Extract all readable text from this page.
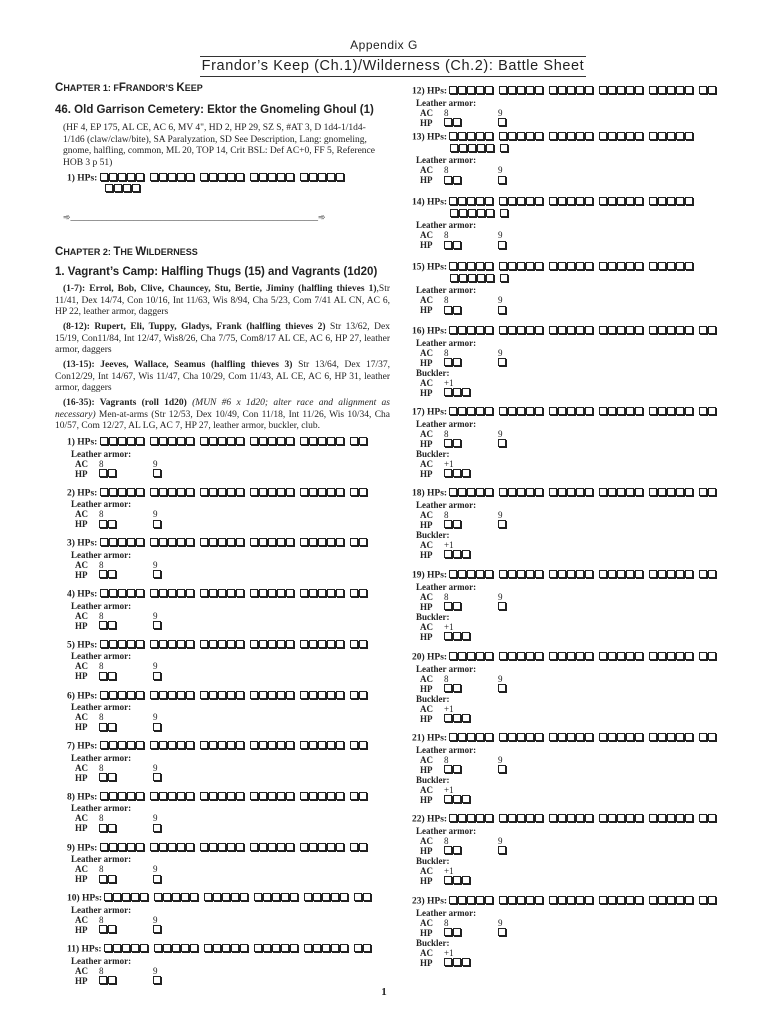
Appendix G
Frandor’s Keep (Ch.1)/Wilderness (Ch.2): Battle Sheet
CHAPTER 1: FFRANDOR’S KEEP
46. Old Garrison Cemetery: Ektor the Gnomeling Ghoul (1)
(HF 4, EP 175, AL CE, AC 6, MV 4", HD 2, HP 29, SZ S, #AT 3, D 1d4-1/1d4-
1/1d6 (claw/claw/bite), SA Paralyzation, SD See Description, Lang: gnomeling,
gnome, halfling, common, ML 20, TOP 14, Crit BSL: Def AC+0, FF 5, Reference
HOB 3 p 51)
1) HPs:

➾_______________________________________________________➾
CHAPTER 2: THE WILDERNESS
1. Vagrant’s Camp: Halfling Thugs (15) and Vagrants (1d20)
(1-7): Errol, Bob, Clive, Chauncey, Stu, Bertie, Jiminy (halfling thieves 1),Str 11/41, Dex 14/74, Con 10/16, Int 11/63, Wis 8/94, Cha 5/23, Com 7/41 AL CN, AC 6, HP 22, leather armor, daggers
(8-12): Rupert, Eli, Tuppy, Gladys, Frank (halfling thieves 2) Str 13/62, Dex 15/19, Con11/84, Int 12/47, Wis8/26, Cha 7/75, Com8/17 AL CE, AC 6, HP 27, leather armor, daggers
(13-15): Jeeves, Wallace, Seamus (halfling thieves 3) Str 13/64, Dex 17/37, Con12/29, Int 14/67, Wis 11/47, Cha 10/29, Com 11/43, AL CE, AC 6, HP 31, leather armor, daggers
(16-35): Vagrants (roll 1d20) (MUN #6 x 1d20; alter race and alignment as necessary) Men-at-arms (Str 12/53, Dex 10/49, Con 11/18, Int 11/26, Wis 10/34, Cha 10/57, Com 12/27, AL LG, AC 7, HP 27, leather armor, buckler, club.
1) HPs:
Leather armor:
AC 8	9
HP
2) HPs:
Leather armor:
AC 8	9
HP
3) HPs:
Leather armor:
AC 8	9
HP
4) HPs:
Leather armor:
AC 8	9
HP
5) HPs:
Leather armor:
AC 8	9
HP
6) HPs:
Leather armor:
AC 8	9
HP
7) HPs:
Leather armor:
AC 8	9
HP
8) HPs:
Leather armor:
AC 8	9
HP
9) HPs:
Leather armor:
AC 8	9
HP
10) HPs:
Leather armor:
AC 8	9
HP
11) HPs:
Leather armor:
AC 8	9
HP
12) HPs:
Leather armor:
AC 8	9
HP
13) HPs:

Leather armor:
AC 8	9
HP
14) HPs:

Leather armor:
AC 8	9
HP
15) HPs:

Leather armor:
AC 8	9
HP
16) HPs:
Leather armor:
AC 8	9
HP
Buckler:
AC +1
HP
17) HPs:
Leather armor:
AC 8	9
HP
Buckler:
AC +1
HP
18) HPs:
Leather armor:
AC 8	9
HP
Buckler:
AC +1
HP
19) HPs:
Leather armor:
AC 8	9
HP
Buckler:
AC +1
HP
20) HPs:
Leather armor:
AC 8	9
HP
Buckler:
AC +1
HP
21) HPs:
Leather armor:
AC 8	9
HP
Buckler:
AC +1
HP
22) HPs:
Leather armor:
AC 8	9
HP
Buckler:
AC +1
HP
23) HPs:
Leather armor:
AC 8	9
HP
Buckler:
AC +1
HP
1
